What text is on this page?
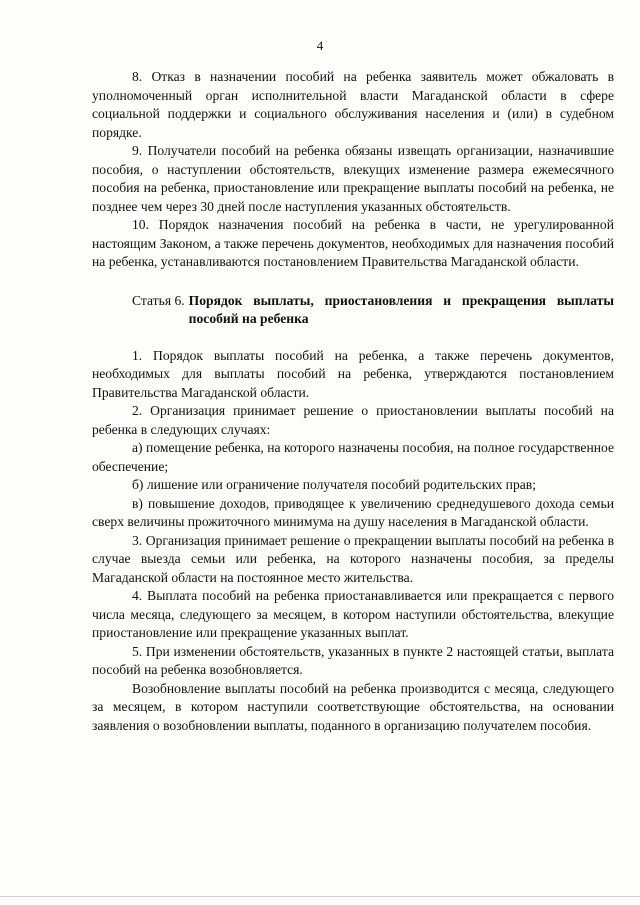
4

8. Отказ в назначении пособий на ребенка заявитель может обжаловать в уполномоченный орган исполнительной власти Магаданской области в сфере социальной поддержки и социального обслуживания населения и (или) в судебном порядке.

9. Получатели пособий на ребенка обязаны извещать организации, назначившие пособия, о наступлении обстоятельств, влекущих изменение размера ежемесячного пособия на ребенка, приостановление или прекращение выплаты пособий на ребенка, не позднее чем через 30 дней после наступления указанных обстоятельств.

10. Порядок назначения пособий на ребенка в части, не урегулированной настоящим Законом, а также перечень документов, необходимых для назначения пособий на ребенка, устанавливаются постановлением Правительства Магаданской области.

Статья 6. Порядок выплаты, приостановления и прекращения выплаты пособий на ребенка

1. Порядок выплаты пособий на ребенка, а также перечень документов, необходимых для выплаты пособий на ребенка, утверждаются постановлением Правительства Магаданской области.

2. Организация принимает решение о приостановлении выплаты пособий на ребенка в следующих случаях:

а) помещение ребенка, на которого назначены пособия, на полное государственное обеспечение;

б) лишение или ограничение получателя пособий родительских прав;

в) повышение доходов, приводящее к увеличению среднедушевого дохода семьи сверх величины прожиточного минимума на душу населения в Магаданской области.

3. Организация принимает решение о прекращении выплаты пособий на ребенка в случае выезда семьи или ребенка, на которого назначены пособия, за пределы Магаданской области на постоянное место жительства.

4. Выплата пособий на ребенка приостанавливается или прекращается с первого числа месяца, следующего за месяцем, в котором наступили обстоятельства, влекущие приостановление или прекращение указанных выплат.

5. При изменении обстоятельств, указанных в пункте 2 настоящей статьи, выплата пособий на ребенка возобновляется.

Возобновление выплаты пособий на ребенка производится с месяца, следующего за месяцем, в котором наступили соответствующие обстоятельства, на основании заявления о возобновлении выплаты, поданного в организацию получателем пособия.
